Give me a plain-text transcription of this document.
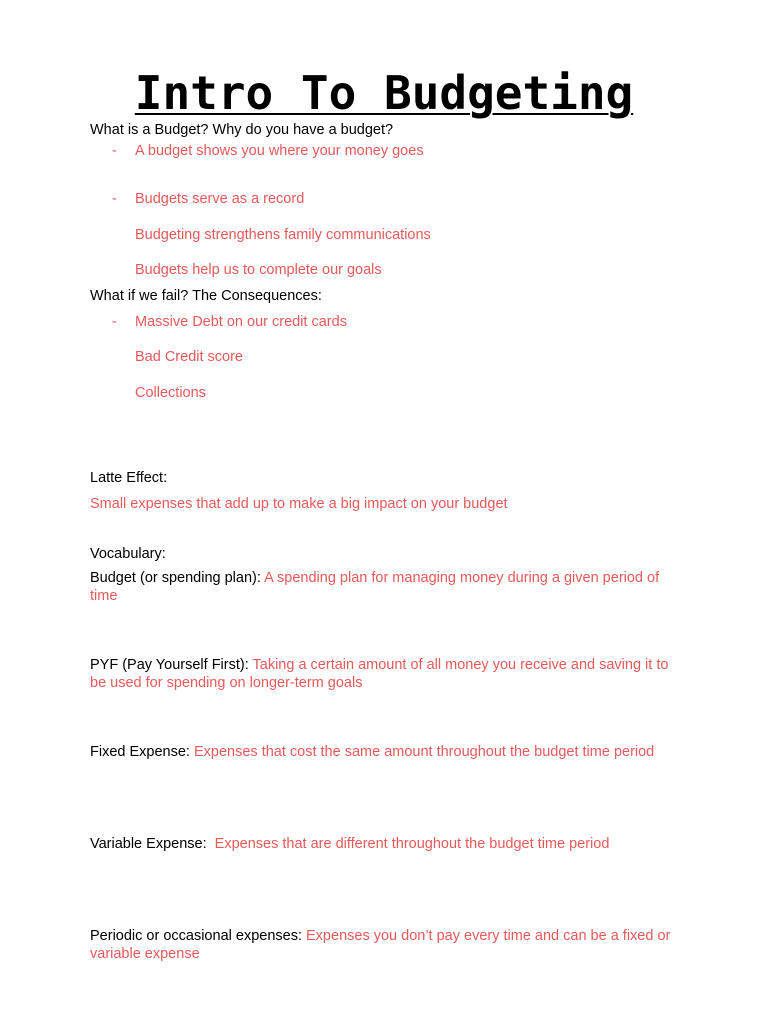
Intro To Budgeting
What is a Budget? Why do you have a budget?
- A budget shows you where your money goes
- Budgets serve as a record
Budgeting strengthens family communications
Budgets help us to complete our goals
What if we fail? The Consequences:
- Massive Debt on our credit cards
Bad Credit score
Collections
Latte Effect:
Small expenses that add up to make a big impact on your budget
Vocabulary:
Budget (or spending plan): A spending plan for managing money during a given period of time
PYF (Pay Yourself First): Taking a certain amount of all money you receive and saving it to be used for spending on longer-term goals
Fixed Expense: Expenses that cost the same amount throughout the budget time period
Variable Expense:  Expenses that are different throughout the budget time period
Periodic or occasional expenses: Expenses you don’t pay every time and can be a fixed or variable expense
